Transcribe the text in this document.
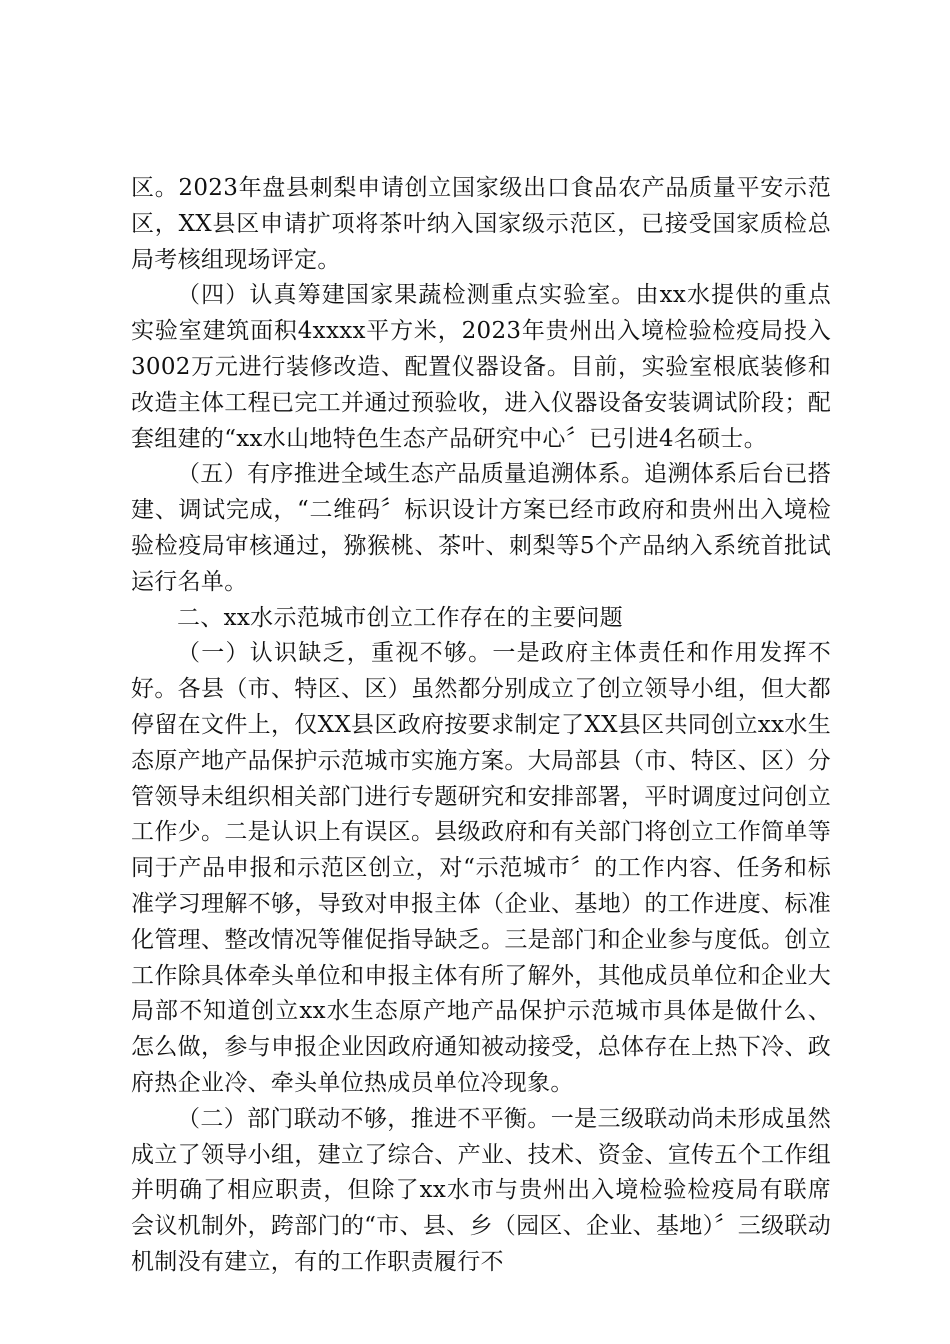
区。2023年盘县刺梨申请创立国家级出口食品农产品质量平安示范区，XX县区申请扩项将茶叶纳入国家级示范区，已接受国家质检总局考核组现场评定。

（四）认真筹建国家果蔬检测重点实验室。由xx水提供的重点实验室建筑面积4xxxx平方米，2023年贵州出入境检验检疫局投入3002万元进行装修改造、配置仪器设备。目前，实验室根底装修和改造主体工程已完工并通过预验收，进入仪器设备安装调试阶段；配套组建的“xx水山地特色生态产品研究中心〞已引进4名硕士。

（五）有序推进全域生态产品质量追溯体系。追溯体系后台已搭建、调试完成，“二维码〞标识设计方案已经市政府和贵州出入境检验检疫局审核通过，猕猴桃、茶叶、刺梨等5个产品纳入系统首批试运行名单。

二、xx水示范城市创立工作存在的主要问题

（一）认识缺乏，重视不够。一是政府主体责任和作用发挥不好。各县（市、特区、区）虽然都分别成立了创立领导小组，但大都停留在文件上，仅XX县区政府按要求制定了XX县区共同创立xx水生态原产地产品保护示范城市实施方案。大局部县（市、特区、区）分管领导未组织相关部门进行专题研究和安排部署，平时调度过问创立工作少。二是认识上有误区。县级政府和有关部门将创立工作简单等同于产品申报和示范区创立，对“示范城市〞的工作内容、任务和标准学习理解不够，导致对申报主体（企业、基地）的工作进度、标准化管理、整改情况等催促指导缺乏。三是部门和企业参与度低。创立工作除具体牵头单位和申报主体有所了解外，其他成员单位和企业大局部不知道创立xx水生态原产地产品保护示范城市具体是做什么、怎么做，参与申报企业因政府通知被动接受，总体存在上热下冷、政府热企业冷、牵头单位热成员单位冷现象。

（二）部门联动不够，推进不平衡。一是三级联动尚未形成虽然成立了领导小组，建立了综合、产业、技术、资金、宣传五个工作组并明确了相应职责，但除了xx水市与贵州出入境检验检疫局有联席会议机制外，跨部门的“市、县、乡（园区、企业、基地）〞三级联动机制没有建立，有的工作职责履行不
